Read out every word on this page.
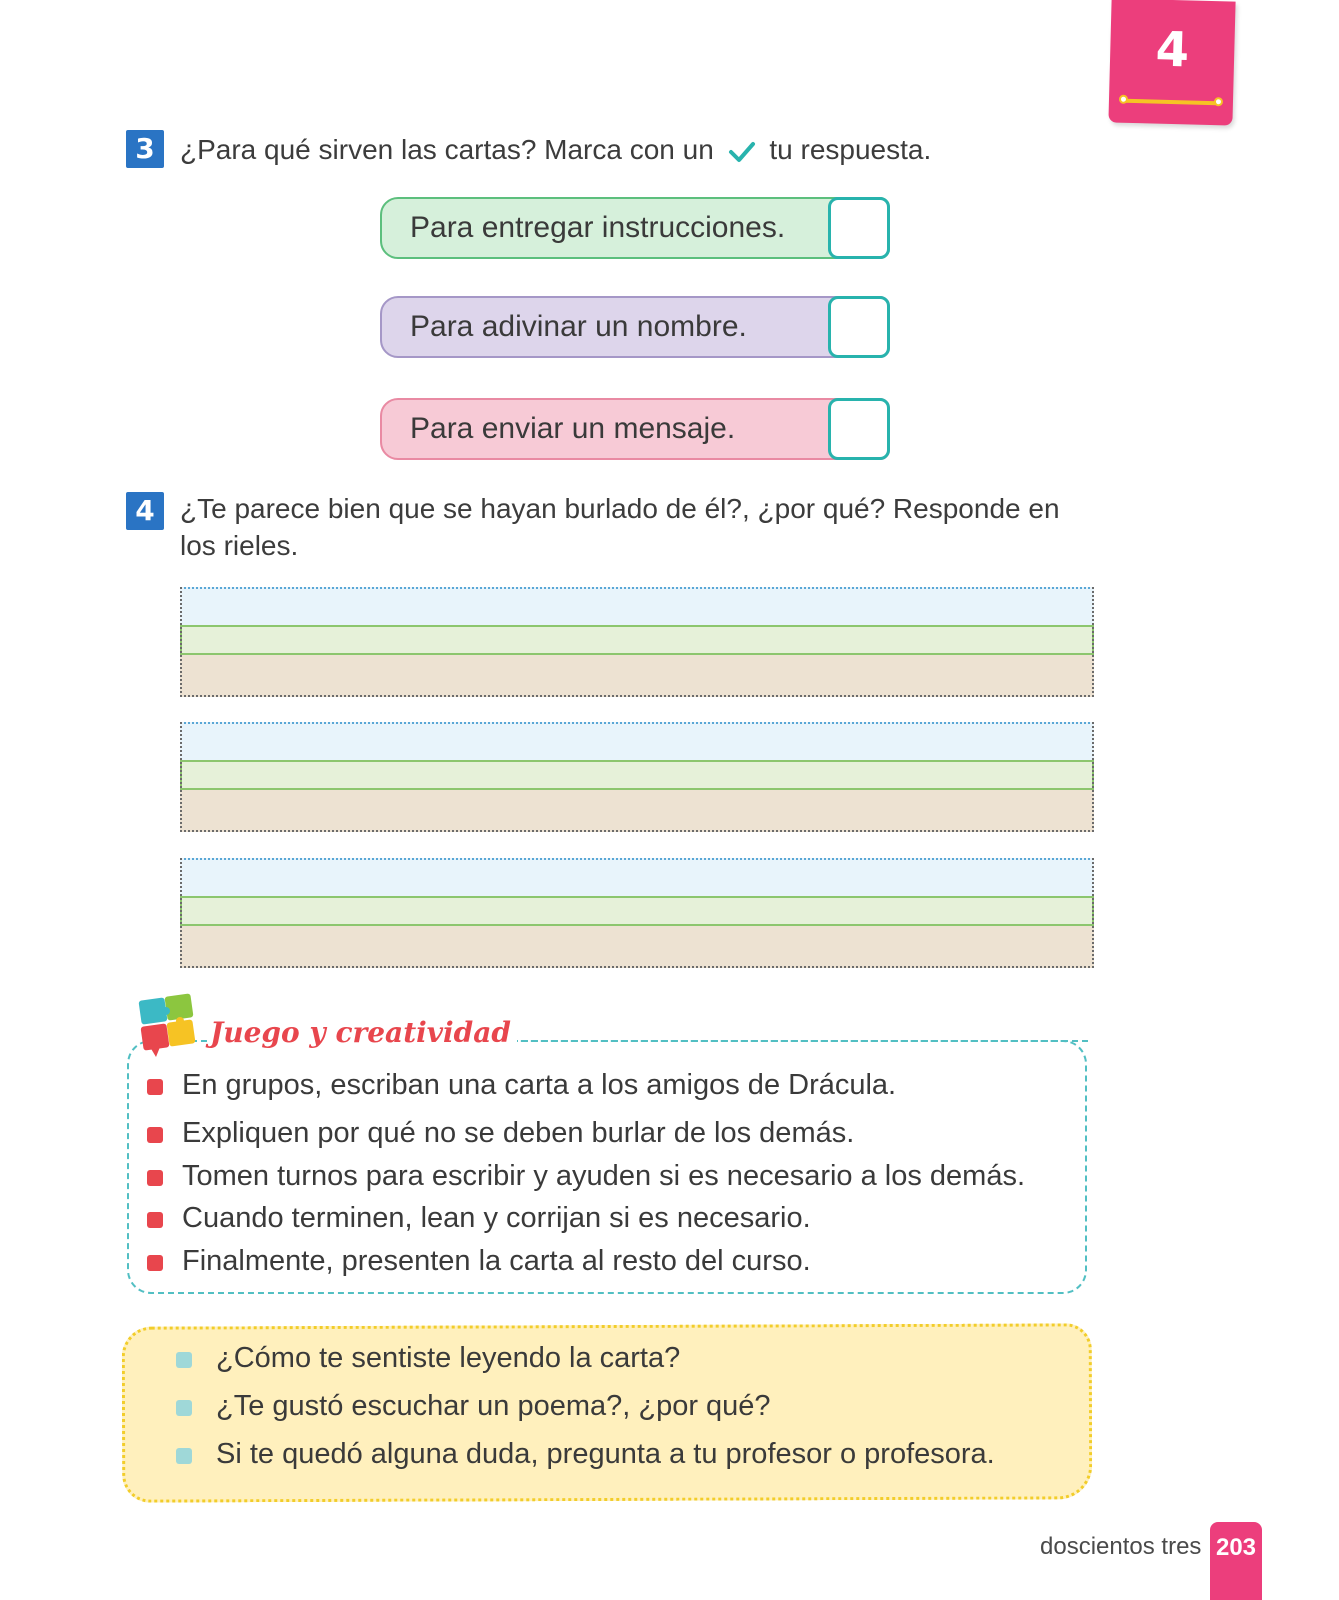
4
3 ¿Para qué sirven las cartas? Marca con un tu respuesta.
Para entregar instrucciones.
Para adivinar un nombre.
Para enviar un mensaje.
4 ¿Te parece bien que se hayan burlado de él?, ¿por qué? Responde en
los rieles.
Juego y creatividad
En grupos, escriban una carta a los amigos de Drácula.
Expliquen por qué no se deben burlar de los demás.
Tomen turnos para escribir y ayuden si es necesario a los demás.
Cuando terminen, lean y corrijan si es necesario.
Finalmente, presenten la carta al resto del curso.
¿Cómo te sentiste leyendo la carta?
¿Te gustó escuchar un poema?, ¿por qué?
Si te quedó alguna duda, pregunta a tu profesor o profesora.
doscientos tres 203
